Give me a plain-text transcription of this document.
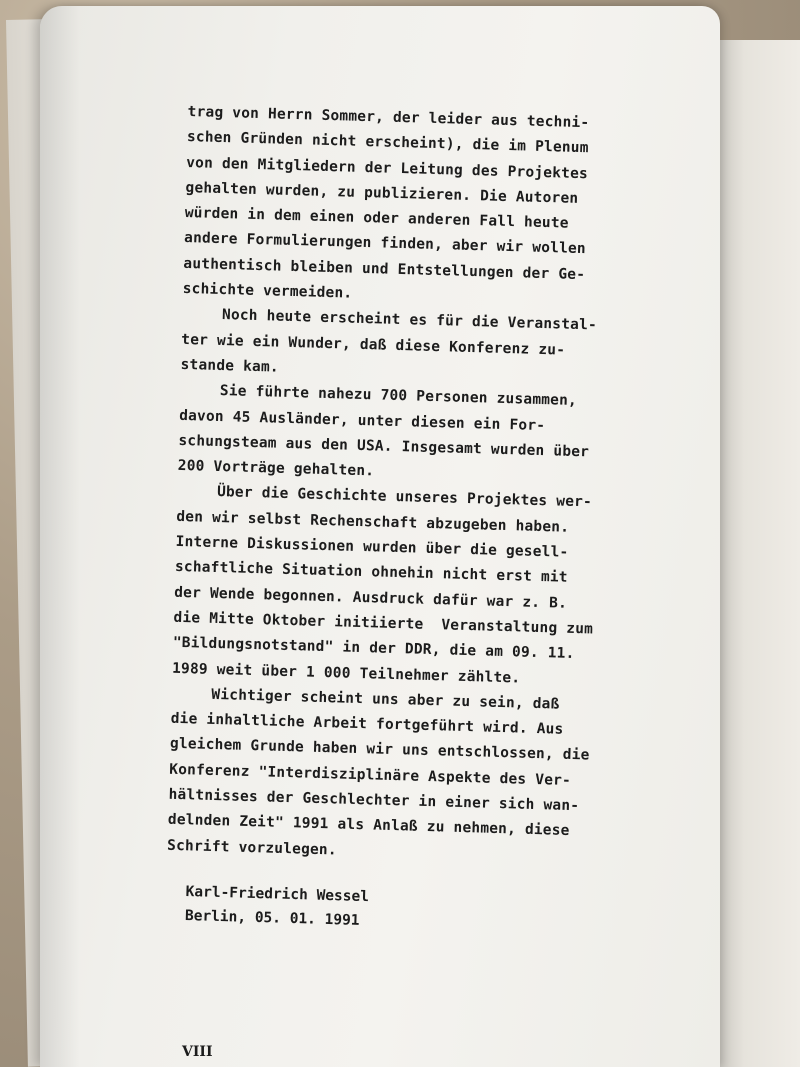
trag von Herrn Sommer, der leider aus techni-
schen Gründen nicht erscheint), die im Plenum
von den Mitgliedern der Leitung des Projektes
gehalten wurden, zu publizieren. Die Autoren
würden in dem einen oder anderen Fall heute
andere Formulierungen finden, aber wir wollen
authentisch bleiben und Entstellungen der Ge-
schichte vermeiden.
Noch heute erscheint es für die Veranstal-
ter wie ein Wunder, daß diese Konferenz zu-
stande kam.
Sie führte nahezu 700 Personen zusammen,
davon 45 Ausländer, unter diesen ein For-
schungsteam aus den USA. Insgesamt wurden über
200 Vorträge gehalten.
Über die Geschichte unseres Projektes wer-
den wir selbst Rechenschaft abzugeben haben.
Interne Diskussionen wurden über die gesell-
schaftliche Situation ohnehin nicht erst mit
der Wende begonnen. Ausdruck dafür war z. B.
die Mitte Oktober initiierte  Veranstaltung zum
"Bildungsnotstand" in der DDR, die am 09. 11.
1989 weit über 1 000 Teilnehmer zählte.
Wichtiger scheint uns aber zu sein, daß
die inhaltliche Arbeit fortgeführt wird. Aus
gleichem Grunde haben wir uns entschlossen, die
Konferenz "Interdisziplinäre Aspekte des Ver-
hältnisses der Geschlechter in einer sich wan-
delnden Zeit" 1991 als Anlaß zu nehmen, diese
Schrift vorzulegen.
Karl-Friedrich Wessel
Berlin, 05. 01. 1991
VIII
